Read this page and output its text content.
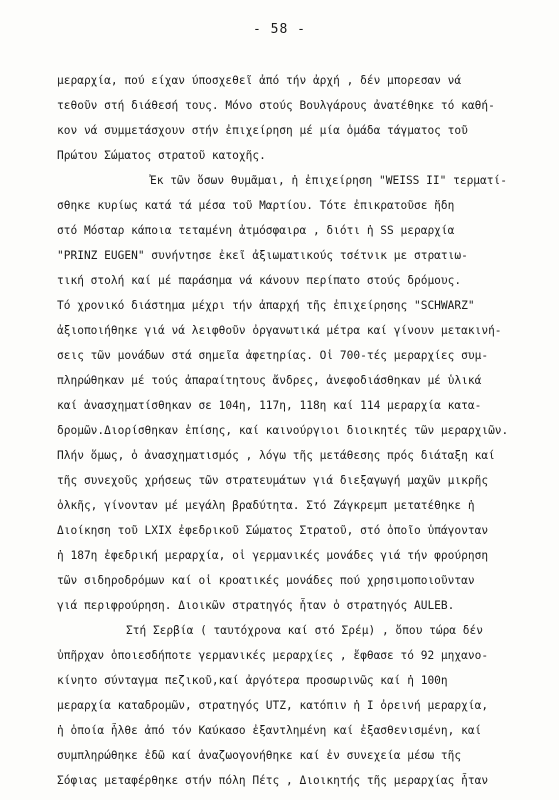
- 58 -
μεραρχία, πού είχαν ύποσχεθεῖ ἀπό τήν ἀρχή , δέν μπορεσαν νά
τεθοῦν στή διάθεσή τους. Μόνο στούς Βουλγάρους ἀνατέθηκε τό καθή-
κον νά συμμετάσχουν στήν ἐπιχείρηση μέ μία ὁμάδα τάγματος τοῦ
Πρώτου Σώματος στρατοῦ κατοχῆς.
Ἐκ τῶν ὅσων θυμᾶμαι, ἡ ἐπιχείρηση "WEISS II" τερματί-
σθηκε κυρίως κατά τά μέσα τοῦ Μαρτίου. Τότε ἐπικρατοῦσε ἤδη
στό Μόσταρ κάποια τεταμένη ἀτμόσφαιρα , διότι ἡ SS μεραρχία
"PRINZ EUGEN" συνήντησε ἐκεῖ ἀξιωματικούς τσέτνικ με στρατιω-
τική στολή καί μέ παράσημα νά κάνουν περίπατο στούς δρόμους.
Τό χρονικό διάστημα μέχρι τήν ἀπαρχή τῆς ἐπιχείρησης "SCHWARZ"
ἀξιοποιήθηκε γιά νά λειφθοῦν ὀργανωτικά μέτρα καί γίνουν μετακινή-
σεις τῶν μονάδων στά σημεῖα ἀφετηρίας. Οἱ 700-τές μεραρχίες συμ-
πληρώθηκαν μέ τούς ἀπαραίτητους ἄνδρες, ἀνεφοδιάσθηκαν μέ ὑλικά
καί ἀνασχηματίσθηκαν σε 104η, 117η, 118η καί 114 μεραρχία κατα-
δρομῶν.Διορίσθηκαν ἐπίσης, καί καινούργιοι διοικητές τῶν μεραρχιῶν.
Πλήν ὅμως, ὁ ἀνασχηματισμός , λόγω τῆς μετάθεσης πρός διάταξη καί
τῆς συνεχοῦς χρήσεως τῶν στρατευμάτων γιά διεξαγωγή μαχῶν μικρῆς
ὁλκῆς, γίνονταν μέ μεγάλη βραδύτητα. Στό Ζάγκρεμπ μετατέθηκε ἡ
Διοίκηση τοῦ LXIX ἐφεδρικοῦ Σώματος Στρατοῦ, στό ὁποῖο ὑπάγονταν
ἡ 187η ἐφεδρική μεραρχία, οἱ γερμανικές μονάδες γιά τήν φρούρηση
τῶν σιδηροδρόμων καί οἱ κροατικές μονάδες πού χρησιμοποιοῦνταν
γιά περιφρούρηση. Διοικῶν στρατηγός ἦταν ὁ στρατηγός AULEB.
Στή Σερβία ( ταυτόχρονα καί στό Σρέμ) , ὅπου τώρα δέν
ὑπῆρχαν ὁποιεσδήποτε γερμανικές μεραρχίες , ἔφθασε τό 92 μηχανο-
κίνητο σύνταγμα πεζικοῦ,καί ἀργότερα προσωρινῶς καί ἡ 100η
μεραρχία καταδρομῶν, στρατηγός UTZ, κατόπιν ἡ I ὀρεινή μεραρχία,
ἡ ὁποία ἦλθε ἀπό τόν Καύκασο ἐξαντλημένη καί ἐξασθενισμένη, καί
συμπληρώθηκε ἐδῶ καί ἀναζωογονήθηκε καί ἐν συνεχεία μέσω τῆς
Σόφιας μεταφέρθηκε στήν πόλη Πέτς , Διοικητής τῆς μεραρχίας ἦταν
